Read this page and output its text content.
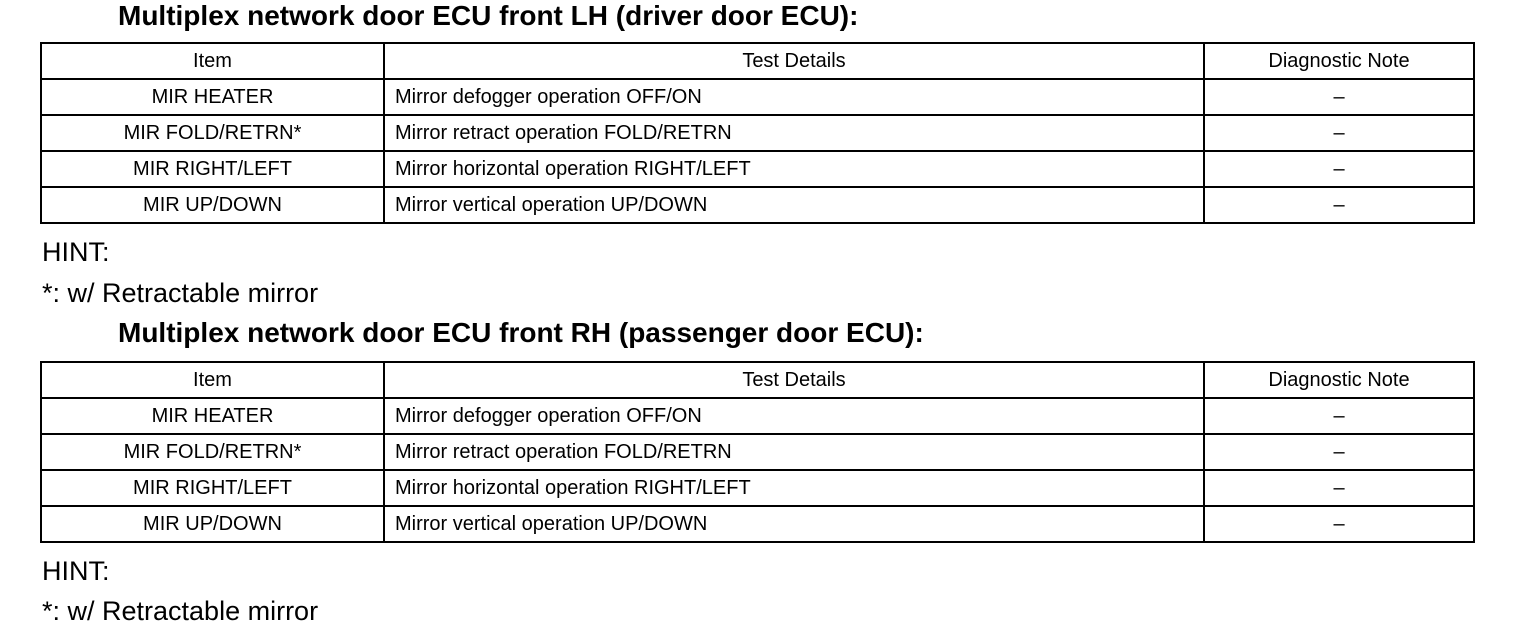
Multiplex network door ECU front LH (driver door ECU):
Item	Test Details	Diagnostic Note
MIR HEATER	Mirror defogger operation OFF/ON	–
MIR FOLD/RETRN*	Mirror retract operation FOLD/RETRN	–
MIR RIGHT/LEFT	Mirror horizontal operation RIGHT/LEFT	–
MIR UP/DOWN	Mirror vertical operation UP/DOWN	–
HINT:
*: w/ Retractable mirror
Multiplex network door ECU front RH (passenger door ECU):
Item	Test Details	Diagnostic Note
MIR HEATER	Mirror defogger operation OFF/ON	–
MIR FOLD/RETRN*	Mirror retract operation FOLD/RETRN	–
MIR RIGHT/LEFT	Mirror horizontal operation RIGHT/LEFT	–
MIR UP/DOWN	Mirror vertical operation UP/DOWN	–
HINT:
*: w/ Retractable mirror
